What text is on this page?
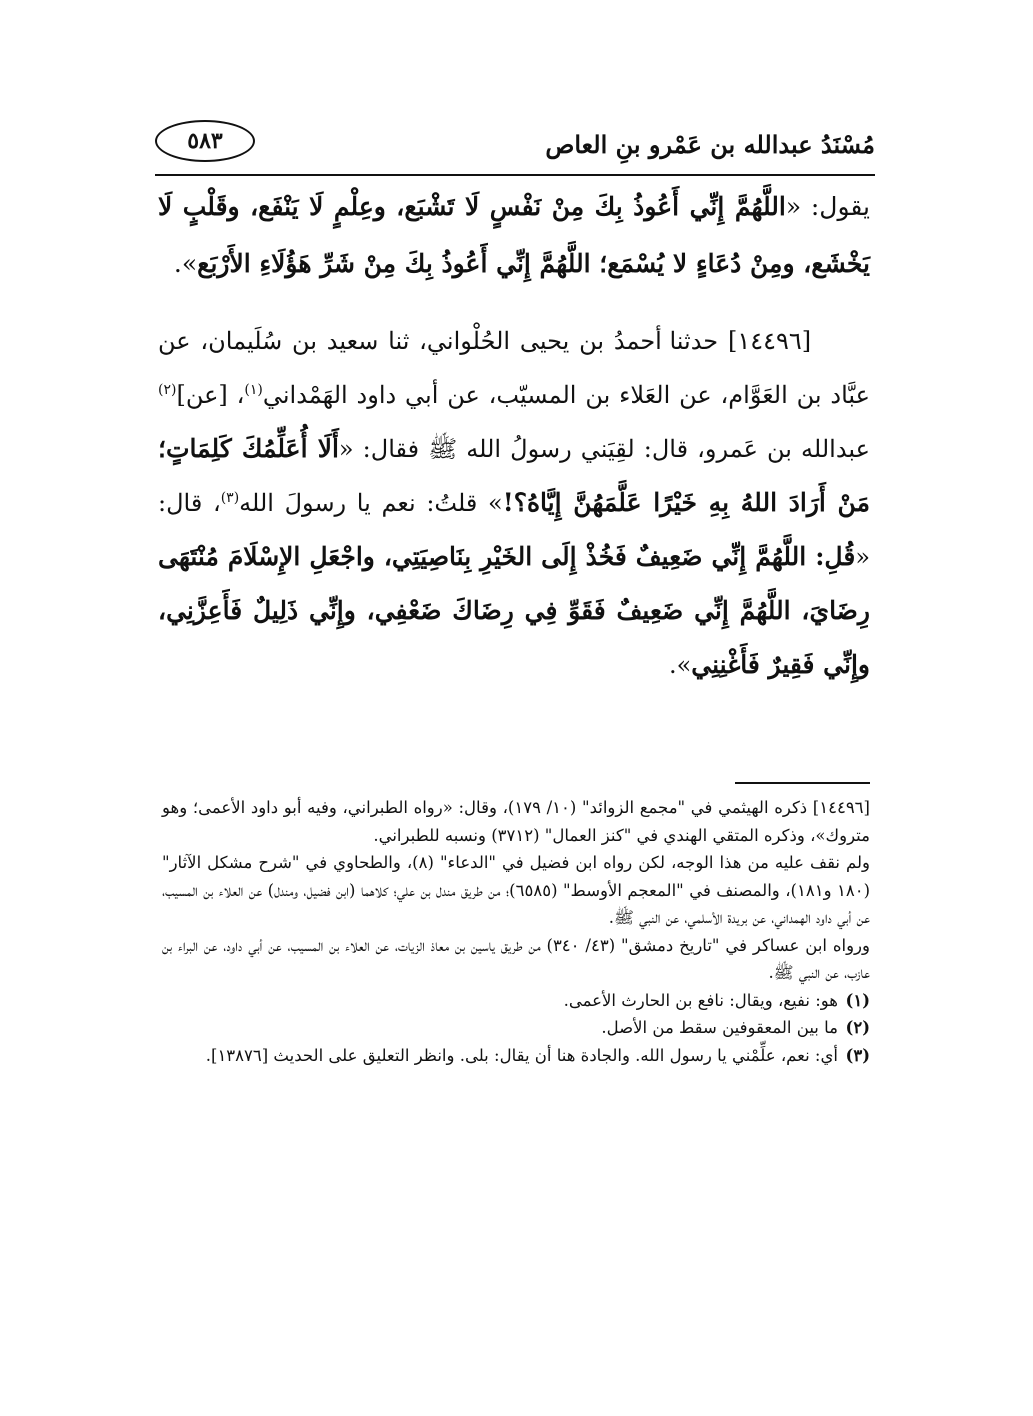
مُسْنَدُ عبدالله بن عَمْرو بنِ العاص
٥٨٣

يقول: «اللَّهُمَّ إِنِّي أَعُوذُ بِكَ مِنْ نَفْسٍ لَا تَشْبَع، وعِلْمٍ لَا يَنْفَع، وقَلْبٍ لَا يَخْشَع، ومِنْ دُعَاءٍ لا يُسْمَع؛ اللَّهُمَّ إِنِّي أَعُوذُ بِكَ مِنْ شَرِّ هَؤُلَاءِ الأَرْبَع».

[١٤٤٩٦] حدثنا أحمدُ بن يحيى الحُلْواني، ثنا سعيد بن سُلَيمان، عن عبَّاد بن العَوَّام، عن العَلاء بن المسيّب، عن أبي داود الهَمْداني$^{(١)}$، [عن]$^{(٢)}$ عبدالله بن عَمرو، قال: لقِيَني رسولُ الله ﷺ فقال: «أَلَا أُعَلِّمُكَ كَلِمَاتٍ؛ مَنْ أَرَادَ اللهُ بِهِ خَيْرًا عَلَّمَهُنَّ إِيَّاهُ؟!» قلتُ: نعم يا رسولَ الله$^{(٣)}$، قال: «قُلِ: اللَّهُمَّ إِنِّي ضَعِيفٌ فَخُذْ إِلَى الخَيْرِ بِنَاصِيَتِي، واجْعَلِ الإِسْلَامَ مُنْتَهَى رِضَايَ، اللَّهُمَّ إِنِّي ضَعِيفٌ فَقَوِّ فِي رِضَاكَ ضَعْفِي، وإِنِّي ذَلِيلٌ فَأَعِزَّنِي، وإِنِّي فَقِيرٌ فَأَغْنِنِي».

[١٤٤٩٦] ذكره الهيثمي في "مجمع الزوائد" (١٠/ ١٧٩)، وقال: «رواه الطبراني، وفيه أبو داود الأعمى؛ وهو متروك»، وذكره المتقي الهندي في "كنز العمال" (٣٧١٢) ونسبه للطبراني.

ولم نقف عليه من هذا الوجه، لكن رواه ابن فضيل في "الدعاء" (٨)، والطحاوي في "شرح مشكل الآثار" (١٨٠ و١٨١)، والمصنف في "المعجم الأوسط" (٦٥٨٥)؛ من طريق مندل بن علي؛ كلاهما (ابن فضيل، ومندل) عن العلاء بن المسيب، عن أبي داود الهمداني، عن بريدة الأسلمي، عن النبي ﷺ.

ورواه ابن عساكر في "تاريخ دمشق" (٤٣/ ٣٤٠) من طريق ياسين بن معاذ الزيات، عن العلاء بن المسيب، عن أبي داود، عن البراء بن عازب، عن النبي ﷺ.

(١)
هو: نفيع، ويقال: نافع بن الحارث الأعمى.
(٢)
ما بين المعقوفين سقط من الأصل.
(٣)
أي: نعم، علِّمْني يا رسول الله. والجادة هنا أن يقال: بلى. وانظر التعليق على الحديث [١٣٨٧٦].
